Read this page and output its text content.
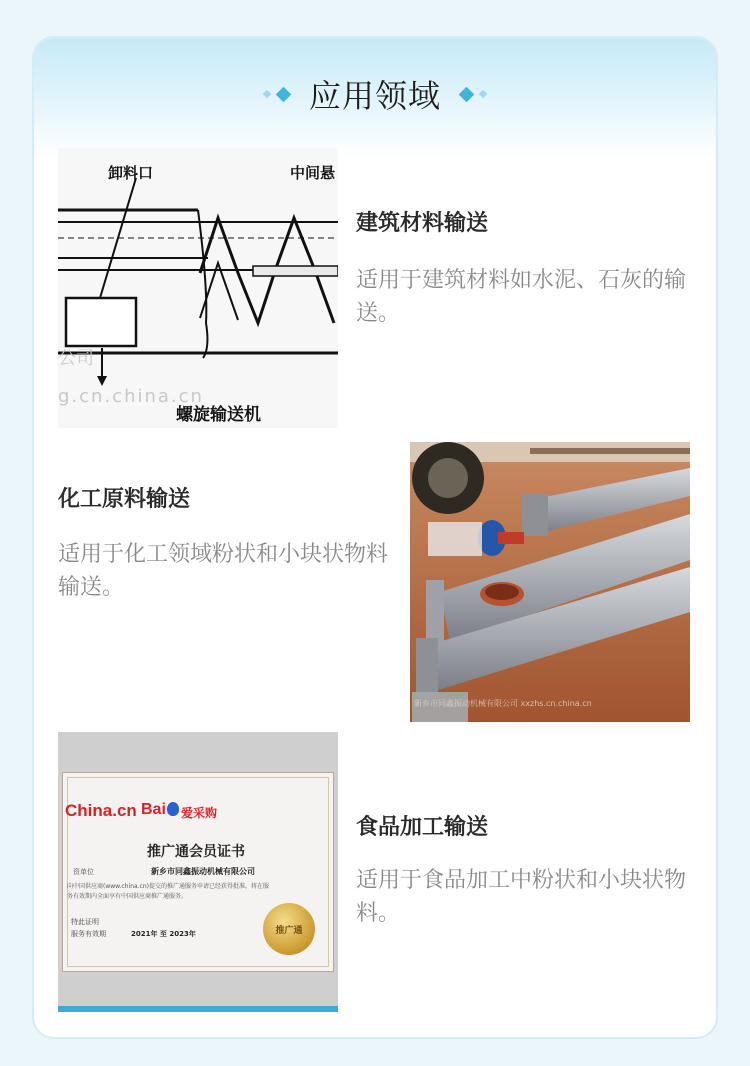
应用领域
卸料口	中间悬
公司
g.cn.china.cn
螺旋输送机
建筑材料输送
适用于建筑材料如水泥、石灰的输送。
化工原料输送
适用于化工领域粉状和小块状物料输送。
新乡市同鑫振动机械有限公司 xxzhs.cn.china.cn
China.cn Bai 爱采购
推广通会员证书
资单位	新乡市同鑫振动机械有限公司
向中国供应商(www.china.cn)提交的推广通服务申请已经获得批准，将在服
务有效期内全面享有中国供应商推广通服务。
特此证明
服务有效期	2021年 至 2023年	推广通
食品加工输送
适用于食品加工中粉状和小块状物料。
